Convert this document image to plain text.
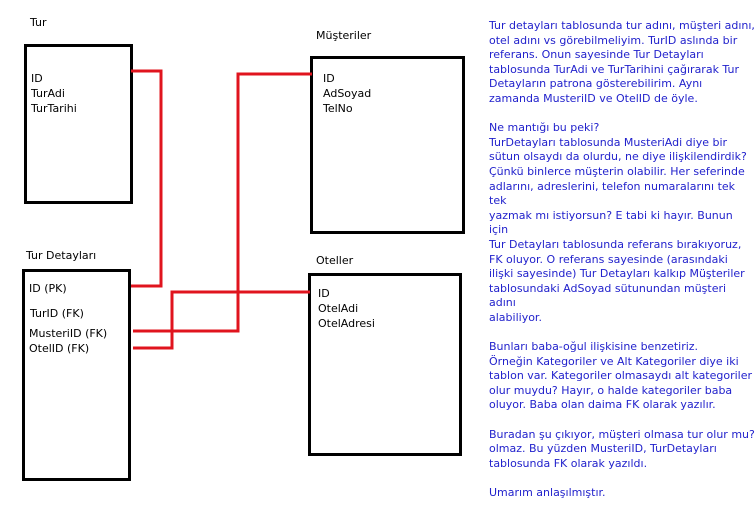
Tur
ID
TurAdi
TurTarihi
Tur Detayları
ID (PK)
TurID (FK)
MusteriID (FK)
OtelID (FK)
Müşteriler
ID
AdSoyad
TelNo
Oteller
ID
OtelAdi
OtelAdresi

Tur detayları tablosunda tur adını, müşteri adını,
otel adını vs görebilmeliyim. TurID aslında bir
referans. Onun sayesinde Tur Detayları
tablosunda TurAdi ve TurTarihini çağırarak Tur
Detayların patrona gösterebilirim. Aynı
zamanda MusteriID ve OtelID de öyle.

Ne mantığı bu peki?
TurDetayları tablosunda MusteriAdi diye bir
sütun olsaydı da olurdu, ne diye ilişkilendirdik?
Çünkü binlerce müşterin olabilir. Her seferinde
adlarını, adreslerini, telefon numaralarını tek tek
yazmak mı istiyorsun? E tabi ki hayır. Bunun için
Tur Detayları tablosunda referans bırakıyoruz,
FK oluyor. O referans sayesinde (arasındaki
ilişki sayesinde) Tur Detayları kalkıp Müşteriler
tablosundaki AdSoyad sütunundan müşteri adını
alabiliyor.

Bunları baba-oğul ilişkisine benzetiriz.
Örneğin Kategoriler ve Alt Kategoriler diye iki
tablon var. Kategoriler olmasaydı alt kategoriler
olur muydu? Hayır, o halde kategoriler baba
oluyor. Baba olan daima FK olarak yazılır.

Buradan şu çıkıyor, müşteri olmasa tur olur mu?
olmaz. Bu yüzden MusteriID, TurDetayları
tablosunda FK olarak yazıldı.

Umarım anlaşılmıştır.
